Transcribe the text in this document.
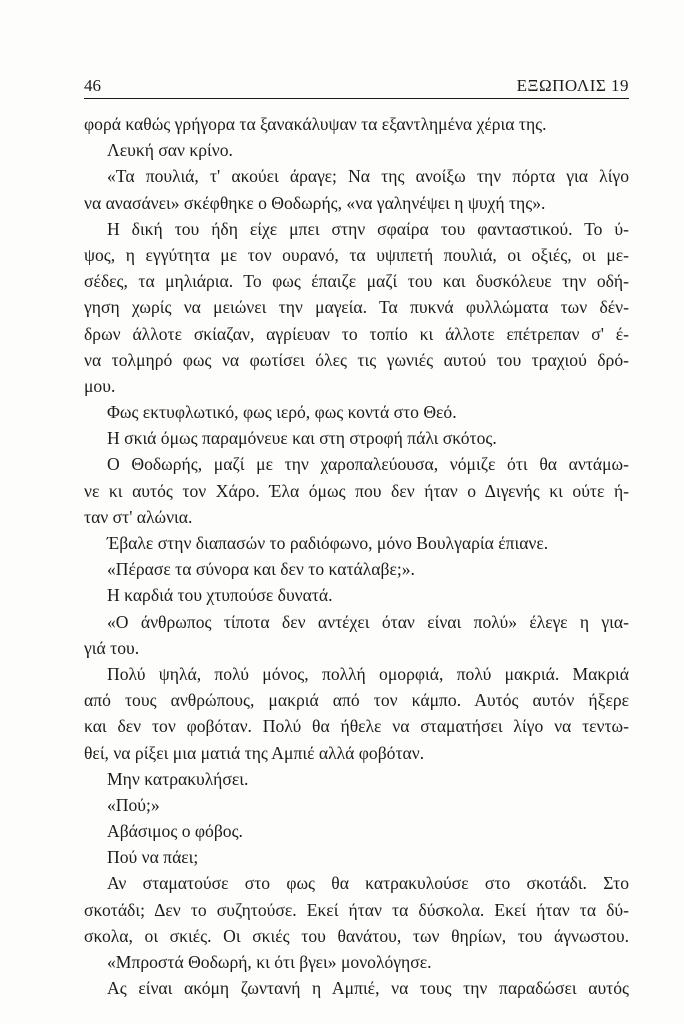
46	ΕΞΩΠΟΛΙΣ 19
φορά καθώς γρήγορα τα ξανακάλυψαν τα εξαντλημένα χέρια της.
Λευκή σαν κρίνο.
«Τα πουλιά, τ' ακούει άραγε; Να της ανοίξω την πόρτα για λίγο
να ανασάνει» σκέφθηκε ο Θοδωρής, «να γαληνέψει η ψυχή της».
Η δική του ήδη είχε μπει στην σφαίρα του φανταστικού. Το ύ-
ψος, η εγγύτητα με τον ουρανό, τα υψιπετή πουλιά, οι οξιές, οι με-
σέδες, τα μηλιάρια. Το φως έπαιζε μαζί του και δυσκόλευε την οδή-
γηση χωρίς να μειώνει την μαγεία. Τα πυκνά φυλλώματα των δέν-
δρων άλλοτε σκίαζαν, αγρίευαν το τοπίο κι άλλοτε επέτρεπαν σ' έ-
να τολμηρό φως να φωτίσει όλες τις γωνιές αυτού του τραχιού δρό-
μου.
Φως εκτυφλωτικό, φως ιερό, φως κοντά στο Θεό.
Η σκιά όμως παραμόνευε και στη στροφή πάλι σκότος.
Ο Θοδωρής, μαζί με την χαροπαλεύουσα, νόμιζε ότι θα αντάμω-
νε κι αυτός τον Χάρο. Έλα όμως που δεν ήταν ο Διγενής κι ούτε ή-
ταν στ' αλώνια.
Έβαλε στην διαπασών το ραδιόφωνο, μόνο Βουλγαρία έπιανε.
«Πέρασε τα σύνορα και δεν το κατάλαβε;».
Η καρδιά του χτυπούσε δυνατά.
«Ο άνθρωπος τίποτα δεν αντέχει όταν είναι πολύ» έλεγε η για-
γιά του.
Πολύ ψηλά, πολύ μόνος, πολλή ομορφιά, πολύ μακριά. Μακριά
από τους ανθρώπους, μακριά από τον κάμπο. Αυτός αυτόν ήξερε
και δεν τον φοβόταν. Πολύ θα ήθελε να σταματήσει λίγο να τεντω-
θεί, να ρίξει μια ματιά της Αμπιέ αλλά φοβόταν.
Μην κατρακυλήσει.
«Πού;»
Αβάσιμος ο φόβος.
Πού να πάει;
Αν σταματούσε στο φως θα κατρακυλούσε στο σκοτάδι. Στο
σκοτάδι; Δεν το συζητούσε. Εκεί ήταν τα δύσκολα. Εκεί ήταν τα δύ-
σκολα, οι σκιές. Οι σκιές του θανάτου, των θηρίων, του άγνωστου.
«Μπροστά Θοδωρή, κι ότι βγει» μονολόγησε.
Ας είναι ακόμη ζωντανή η Αμπιέ, να τους την παραδώσει αυτός
